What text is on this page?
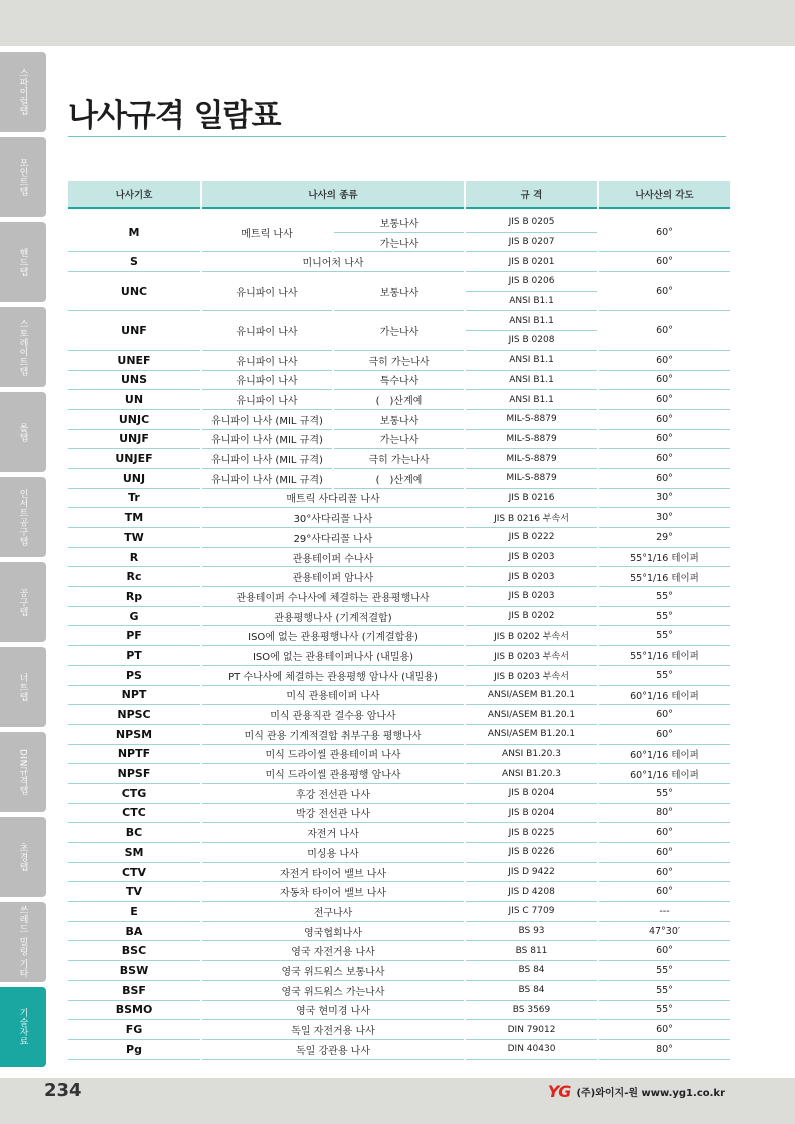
스파이럴탭
포인트탭
핸드탭
스토레이트탭
롤탭
인서트공구탭
공구탭
너트탭
DIN규격탭
초경탭
쓰레드 밀링 기타
기술자료
나사규격 일람표
나사기호	나사의 종류		규 격	나사산의 각도

M	메트릭 나사	보통나사	JIS B 0205	60°
		가는나사	JIS B 0207	
S	미니어처 나사		JIS B 0201	60°
UNC	유니파이 나사	보통나사	JIS B 0206	60°
			ANSI B1.1	
UNF	유니파이 나사	가는나사	ANSI B1.1	60°
			JIS B 0208	
UNEF	유니파이 나사	극히 가는나사	ANSI B1.1	60°
UNS	유니파이 나사	특수나사	ANSI B1.1	60°
UN	유니파이 나사	(　)산계예	ANSI B1.1	60°
UNJC	유니파이 나사 (MIL 규격)	보통나사	MIL-S-8879	60°
UNJF	유니파이 나사 (MIL 규격)	가는나사	MIL-S-8879	60°
UNJEF	유니파이 나사 (MIL 규격)	극히 가는나사	MIL-S-8879	60°
UNJ	유니파이 나사 (MIL 규격)	(　)산계예	MIL-S-8879	60°
Tr	매트릭 사다리꼴 나사		JIS B 0216	30°
TM	30°사다리꼴 나사		JIS B 0216 부속서	30°
TW	29°사다리꼴 나사		JIS B 0222	29°
R	관용테이퍼 수나사		JIS B 0203	55°1/16 테이퍼
Rc	관용테이퍼 암나사		JIS B 0203	55°1/16 테이퍼
Rp	관용테이퍼 수나사에 체결하는 관용평행나사		JIS B 0203	55°
G	관용평행나사 (기계적결합)		JIS B 0202	55°
PF	ISO에 없는 관용평행나사 (기계결합용)		JIS B 0202 부속서	55°
PT	ISO에 없는 관용테이퍼나사 (내밀용)		JIS B 0203 부속서	55°1/16 테이퍼
PS	PT 수나사에 체결하는 관용평행 암나사 (내밀용)		JIS B 0203 부속서	55°
NPT	미식 관용테이퍼 나사		ANSI/ASEM B1.20.1	60°1/16 테이퍼
NPSC	미식 관용직관 결수용 암나사		ANSI/ASEM B1.20.1	60°
NPSM	미식 관용 기계적결합 취부구용 평행나사		ANSI/ASEM B1.20.1	60°
NPTF	미식 드라이씰 관용테이퍼 나사		ANSI B1.20.3	60°1/16 테이퍼
NPSF	미식 드라이씰 관용평행 암나사		ANSI B1.20.3	60°1/16 테이퍼
CTG	후강 전선관 나사		JIS B 0204	55°
CTC	박강 전선관 나사		JIS B 0204	80°
BC	자전거 나사		JIS B 0225	60°
SM	미싱용 나사		JIS B 0226	60°
CTV	자전거 타이어 밸브 나사		JIS D 9422	60°
TV	자동차 타이어 밸브 나사		JIS D 4208	60°
E	전구나사		JIS C 7709	---
BA	영국협회나사		BS 93	47°30′
BSC	영국 자전거용 나사		BS 811	60°
BSW	영국 위드워스 보통나사		BS 84	55°
BSF	영국 위드워스 가는나사		BS 84	55°
BSMO	영국 현미경 나사		BS 3569	55°
FG	독일 자전거용 나사		DIN 79012	60°
Pg	독일 강관용 나사		DIN 40430	80°
234	YG (주)와이지-원 www.yg1.co.kr
